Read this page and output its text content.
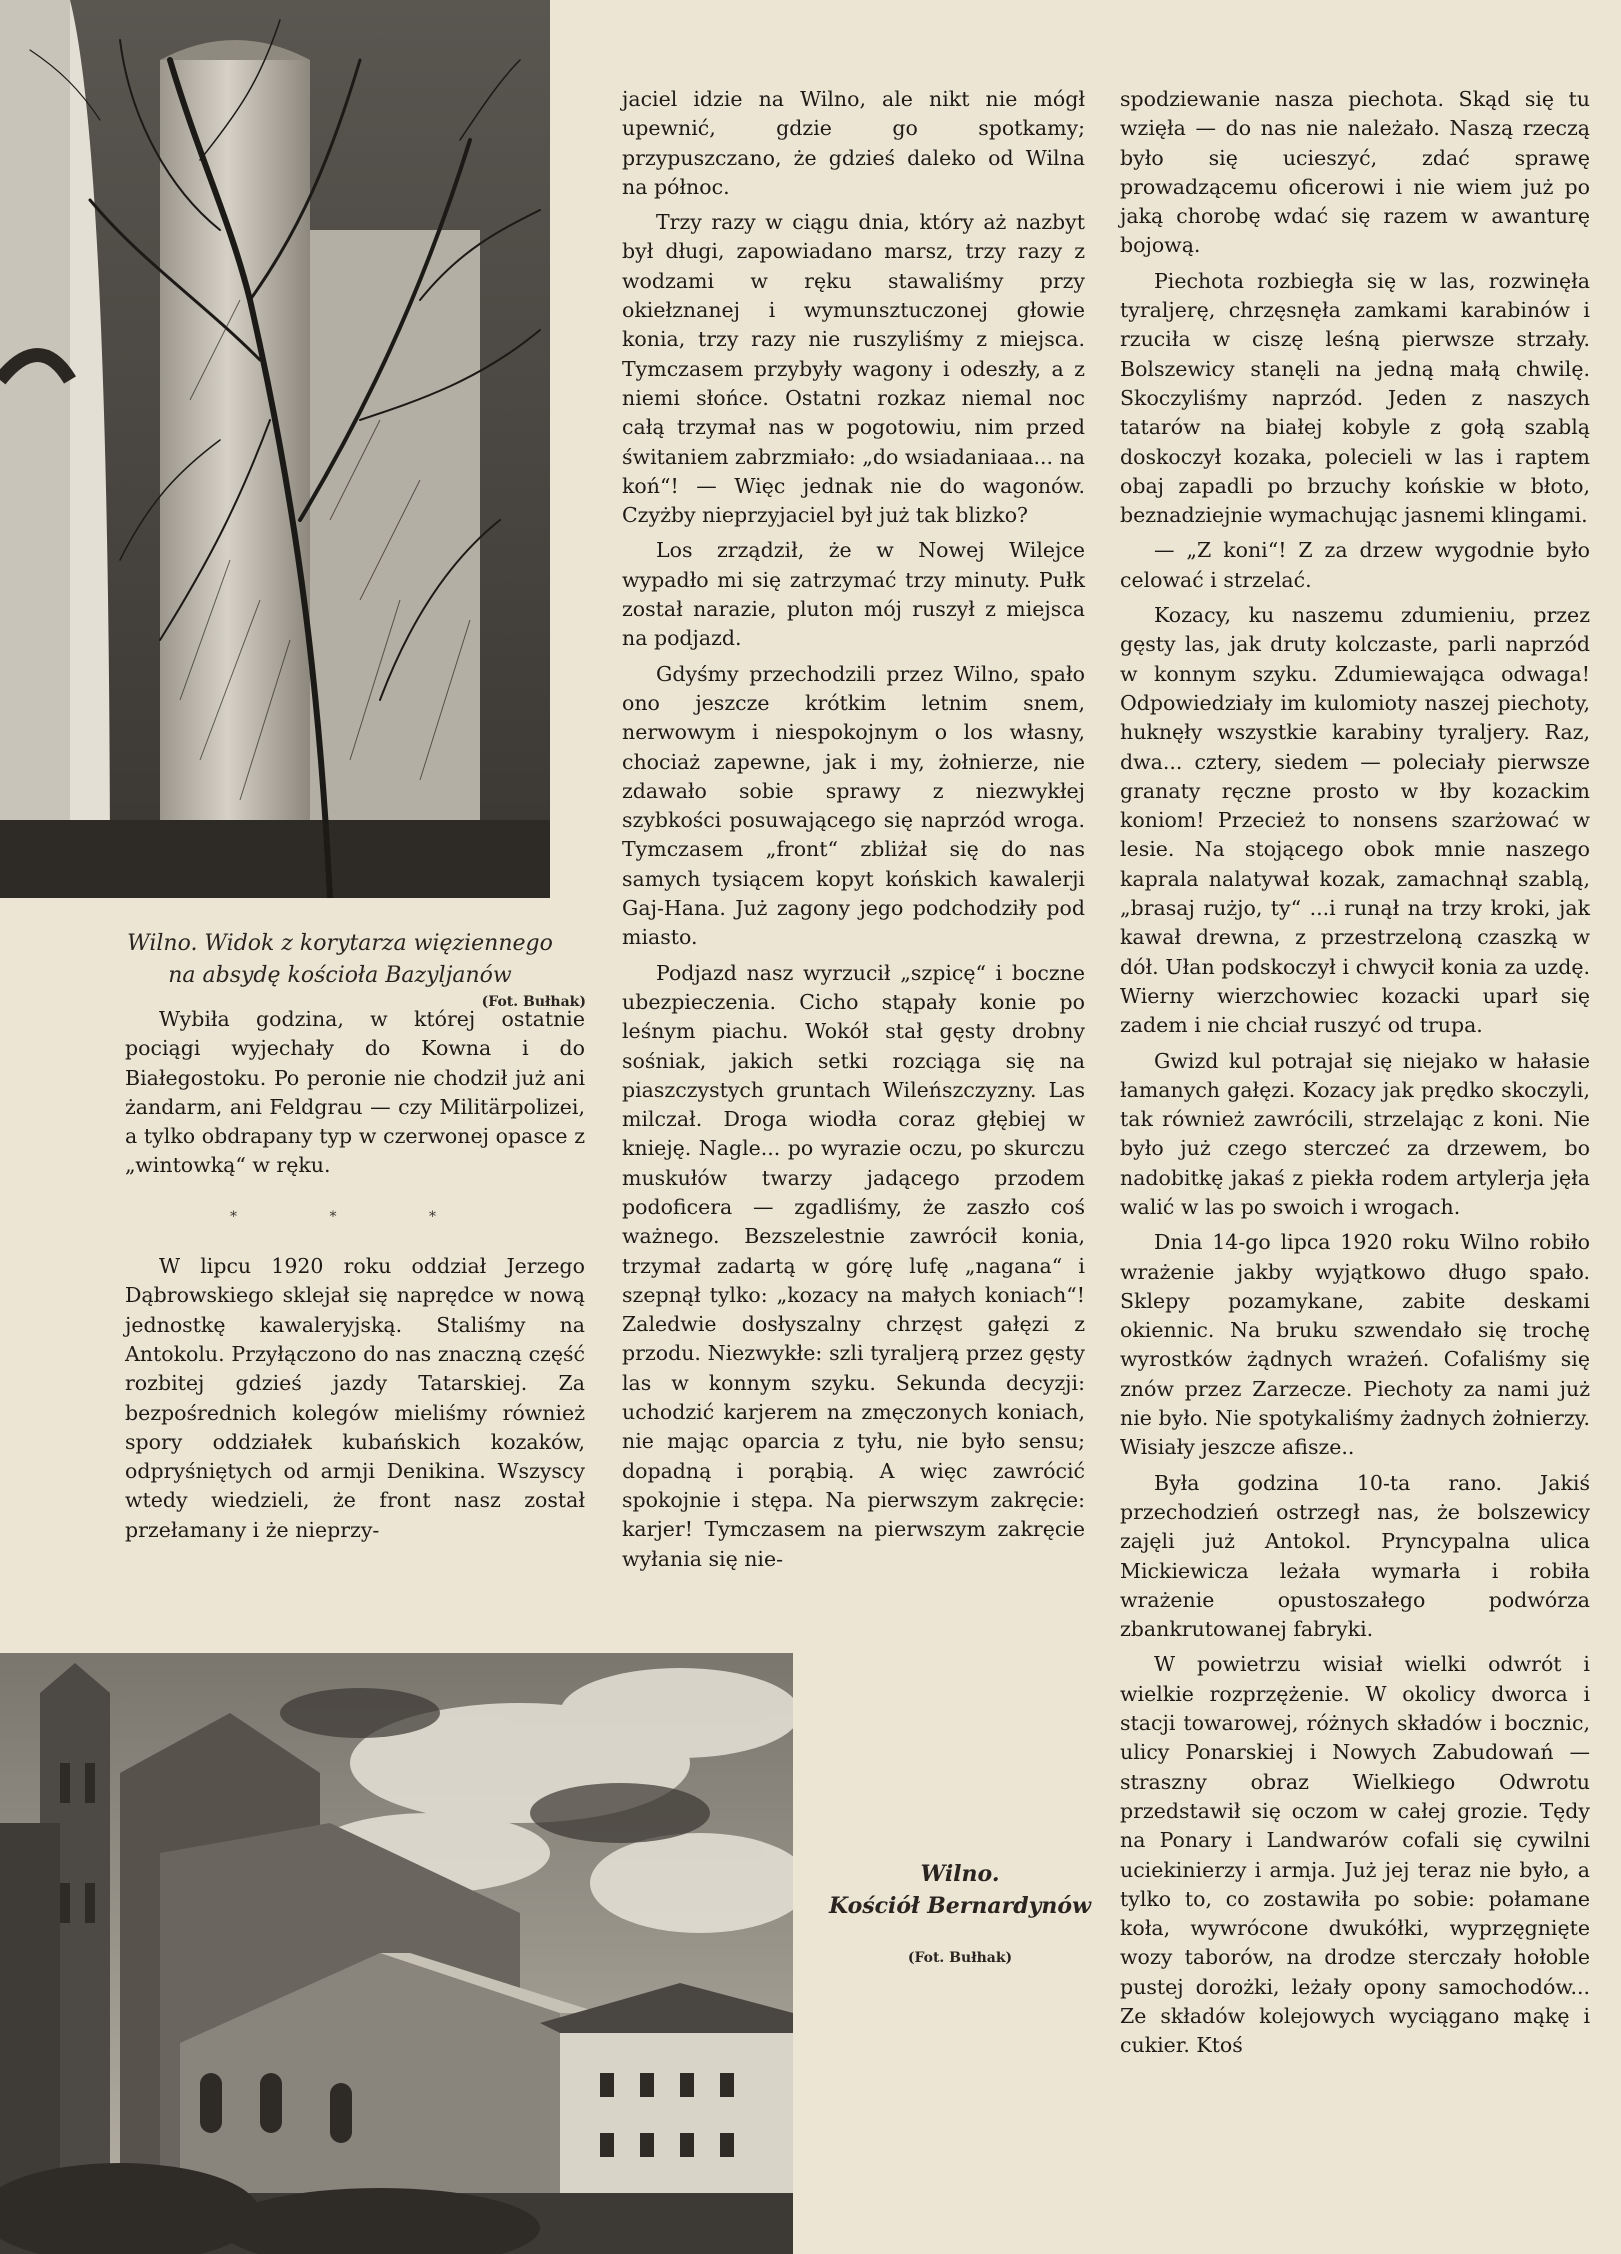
Wilno. Widok z korytarza więziennego
na absydę kościoła Bazyljanów
(Fot. Bułhak)

Wybiła godzina, w której ostatnie pociągi wyjechały do Kowna i do Białegostoku. Po peronie nie chodził już ani żandarm, ani Feldgrau — czy Militärpolizei, a tylko obdrapany typ w czerwonej opasce z „wintowką“ w ręku.

* * *

W lipcu 1920 roku oddział Jerzego Dąbrowskiego sklejał się naprędce w nową jednostkę kawaleryjską. Staliśmy na Antokolu. Przyłączono do nas znaczną część rozbitej gdzieś jazdy Tatarskiej. Za bezpośrednich kolegów mieliśmy również spory oddziałek kubańskich kozaków, odpryśniętych od armji Denikina. Wszyscy wtedy wiedzieli, że front nasz został przełamany i że nieprzy-

jaciel idzie na Wilno, ale nikt nie mógł upewnić, gdzie go spotkamy; przypuszczano, że gdzieś daleko od Wilna na północ.

Trzy razy w ciągu dnia, który aż nazbyt był długi, zapowiadano marsz, trzy razy z wodzami w ręku stawaliśmy przy okiełznanej i wymunsztuczonej głowie konia, trzy razy nie ruszyliśmy z miejsca. Tymczasem przybyły wagony i odeszły, a z niemi słońce. Ostatni rozkaz niemal noc całą trzymał nas w pogotowiu, nim przed świtaniem zabrzmiało: „do wsiadaniaaa... na koń“! — Więc jednak nie do wagonów. Czyżby nieprzyjaciel był już tak blizko?

Los zrządził, że w Nowej Wilejce wypadło mi się zatrzymać trzy minuty. Pułk został narazie, pluton mój ruszył z miejsca na podjazd.

Gdyśmy przechodzili przez Wilno, spało ono jeszcze krótkim letnim snem, nerwowym i niespokojnym o los własny, chociaż zapewne, jak i my, żołnierze, nie zdawało sobie sprawy z niezwykłej szybkości posuwającego się naprzód wroga. Tymczasem „front“ zbliżał się do nas samych tysiącem kopyt końskich kawalerji Gaj-Hana. Już zagony jego podchodziły pod miasto.

Podjazd nasz wyrzucił „szpicę“ i boczne ubezpieczenia. Cicho stąpały konie po leśnym piachu. Wokół stał gęsty drobny sośniak, jakich setki rozciąga się na piaszczystych gruntach Wileńszczyzny. Las milczał. Droga wiodła coraz głębiej w knieję. Nagle... po wyrazie oczu, po skurczu muskułów twarzy jadącego przodem podoficera — zgadliśmy, że zaszło coś ważnego. Bezszelestnie zawrócił konia, trzymał zadartą w górę lufę „nagana“ i szepnął tylko: „kozacy na małych koniach“! Zaledwie dosłyszalny chrzęst gałęzi z przodu. Niezwykłe: szli tyraljerą przez gęsty las w konnym szyku. Sekunda decyzji: uchodzić karjerem na zmęczonych koniach, nie mając oparcia z tyłu, nie było sensu; dopadną i porąbią. A więc zawrócić spokojnie i stępa. Na pierwszym zakręcie: karjer! Tymczasem na pierwszym zakręcie wyłania się nie-

spodziewanie nasza piechota. Skąd się tu wzięła — do nas nie należało. Naszą rzeczą było się ucieszyć, zdać sprawę prowadzącemu oficerowi i nie wiem już po jaką chorobę wdać się razem w awanturę bojową.

Piechota rozbiegła się w las, rozwinęła tyraljerę, chrzęsnęła zamkami karabinów i rzuciła w ciszę leśną pierwsze strzały. Bolszewicy stanęli na jedną małą chwilę. Skoczyliśmy naprzód. Jeden z naszych tatarów na białej kobyle z gołą szablą doskoczył kozaka, polecieli w las i raptem obaj zapadli po brzuchy końskie w błoto, beznadziejnie wymachując jasnemi klingami.

— „Z koni“! Z za drzew wygodnie było celować i strzelać.

Kozacy, ku naszemu zdumieniu, przez gęsty las, jak druty kolczaste, parli naprzód w konnym szyku. Zdumiewająca odwaga! Odpowiedziały im kulomioty naszej piechoty, huknęły wszystkie karabiny tyraljery. Raz, dwa... cztery, siedem — poleciały pierwsze granaty ręczne prosto w łby kozackim koniom! Przecież to nonsens szarżować w lesie. Na stojącego obok mnie naszego kaprala nalatywał kozak, zamachnął szablą, „brasaj rużjo, ty“ ...i runął na trzy kroki, jak kawał drewna, z przestrzeloną czaszką w dół. Ułan podskoczył i chwycił konia za uzdę. Wierny wierzchowiec kozacki uparł się zadem i nie chciał ruszyć od trupa.

Gwizd kul potrajał się niejako w hałasie łamanych gałęzi. Kozacy jak prędko skoczyli, tak również zawrócili, strzelając z koni. Nie było już czego sterczeć za drzewem, bo nadobitkę jakaś z piekła rodem artylerja jęła walić w las po swoich i wrogach.

Dnia 14-go lipca 1920 roku Wilno robiło wrażenie jakby wyjątkowo długo spało. Sklepy pozamykane, zabite deskami okiennic. Na bruku szwendało się trochę wyrostków żądnych wrażeń. Cofaliśmy się znów przez Zarzecze. Piechoty za nami już nie było. Nie spotykaliśmy żadnych żołnierzy. Wisiały jeszcze afisze..

Była godzina 10-ta rano. Jakiś przechodzień ostrzegł nas, że bolszewicy zajęli już Antokol. Pryncypalna ulica Mickiewicza leżała wymarła i robiła wrażenie opustoszałego podwórza zbankrutowanej fabryki.

W powietrzu wisiał wielki odwrót i wielkie rozprzężenie. W okolicy dworca i stacji towarowej, różnych składów i bocznic, ulicy Ponarskiej i Nowych Zabudowań — straszny obraz Wielkiego Odwrotu przedstawił się oczom w całej grozie. Tędy na Ponary i Landwarów cofali się cywilni uciekinierzy i armja. Już jej teraz nie było, a tylko to, co zostawiła po sobie: połamane koła, wywrócone dwukółki, wyprzęgnięte wozy taborów, na drodze sterczały hołoble pustej dorożki, leżały opony samochodów... Ze składów kolejowych wyciągano mąkę i cukier. Ktoś

Wilno.
Kościół Bernardynów
(Fot. Bułhak)
